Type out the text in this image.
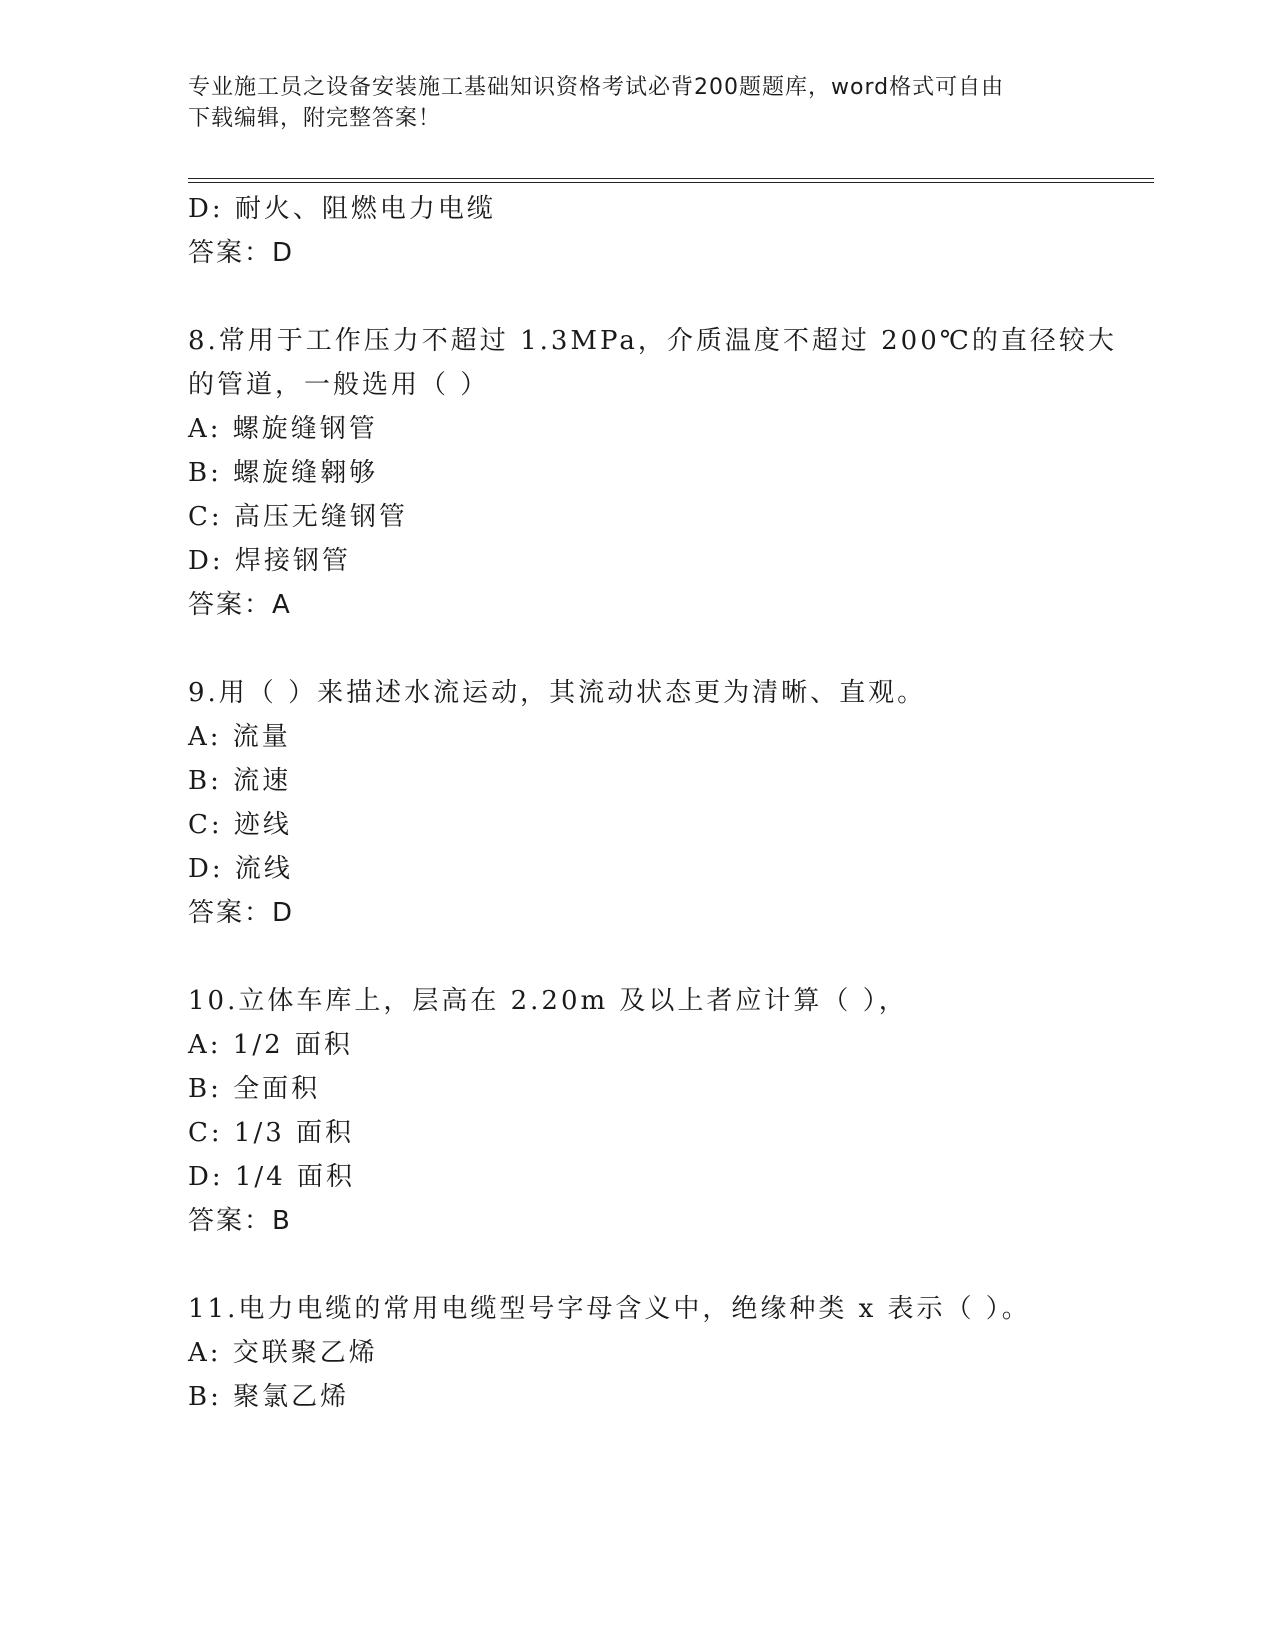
专业施工员之设备安装施工基础知识资格考试必背200题题库，word格式可自由
下载编辑，附完整答案！
D: 耐火、阻燃电力电缆
答案：D
8.常用于工作压力不超过 1.3MPa，介质温度不超过 200℃的直径较大
的管道，一般选用（ ）
A: 螺旋缝钢管
B: 螺旋缝翱够
C: 高压无缝钢管
D: 焊接钢管
答案：A
9.用（ ）来描述水流运动，其流动状态更为清晰、直观。
A: 流量
B: 流速
C: 迹线
D: 流线
答案：D
10.立体车库上，层高在 2.20m 及以上者应计算（ ），
A: 1/2 面积
B: 全面积
C: 1/3 面积
D: 1/4 面积
答案：B
11.电力电缆的常用电缆型号字母含义中，绝缘种类 x 表示（ ）。
A: 交联聚乙烯
B: 聚氯乙烯
